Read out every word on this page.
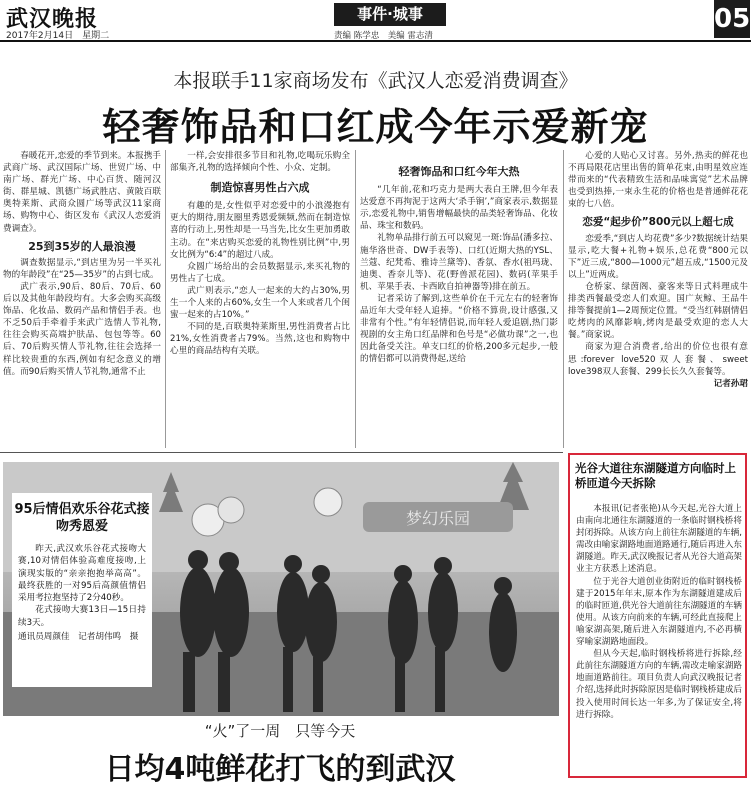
武汉晚报
2017年2月14日　星期二
事件·城事
责编 陈学忠　美编 雷志清
05
本报联手11家商场发布《武汉人恋爱消费调查》
轻奢饰品和口红成今年示爱新宠

春暖花开,恋爱的季节到来。本报携手武商广场、武汉国际广场、世贸广场、中南广场、群光广场、中心百货、随河汉街、群星城、凯德广场武胜店、黄陂百联奥特莱斯、武商众圆广场等武汉11家商场、购物中心、街区发布《武汉人恋爱消费调查》。

25到35岁的人最浪漫

调查数据显示,“到店里为另一半买礼物的年龄段”在“25—35岁”的占到七成。

武广表示,90后、80后、70后、60后以及其他年龄段均有。大多会购买高级饰品、化妆品、数码产品和情侣手表。也不乏50后手牵着手来武广选情人节礼物,往往会购买高端护肤品、包包等等。60后、70后购买情人节礼物,往往会选择一样比较贵重的东西,例如有纪念意义的增值。而90后购买情人节礼物,通常不止

一样,会安排很多节目和礼物,吃喝玩乐购全部集齐,礼物的选择倾向个性、小众、定制。

制造惊喜男性占六成

有趣的是,女性似乎对恋爱中的小浪漫抱有更大的期待,朋友圈里秀恩爱频频,然而在制造惊喜的行动上,男性却是一马当先,比女生更加勇敢主动。在“来店购买恋爱的礼物性别比例”中,男女比例为“6:4”的超过八成。

众圆广场给出的会员数据显示,来买礼物的男性占了七成。

武广则表示,“恋人一起来的大约占30%,男生一个人来的占60%,女生一个人来或者几个闺蜜一起来的占10%。”

不同的是,百联奥特莱斯里,男性消费者占比21%,女性消费者占79%。当然,这也和购物中心里的商品结构有关联。

轻奢饰品和口红今年大热

“几年前,花和巧克力是两大表白王牌,但今年表达爱意不再拘泥于这两大‘杀手锏’,”商家表示,数据显示,恋爱礼物中,销售增幅最快的品类轻奢饰品、化妆品、珠宝和数码。

礼物单品排行前五可以窥见一斑:饰品(潘多拉、施华洛世奇、DW手表等)、口红(近期大热的YSL、兰蔻、纪梵希、雅诗兰黛等)、香氛、香水(祖玛珑、迪奥、香奈儿等)、花(野兽派花园)、数码(苹果手机、苹果手表、卡西欧自拍神器等)排在前五。

记者采访了解到,这些单价在千元左右的轻奢饰品近年大受年轻人追捧。“价格不算贵,设计感强,又非常有个性。”有年轻情侣说,而年轻人爱追剧,热门影视剧的女主角口红品牌和色号是“必做功课”之一,也因此备受关注。单支口红的价格,200多元起步,一般的情侣都可以消费得起,送给

心爱的人贴心又讨喜。另外,热卖的鲜花也不再局限花店里出售的简单花束,由明星效应连带而来的“代表精致生活和品味寓觉”艺术品牌也受到热捧,一束永生花的价格也是普通鲜花花束的七八倍。

恋爱“起步价”800元以上超七成

恋爱季,“到店人均花费”多少?数据统计结果显示,吃大餐+礼物+娱乐,总花费“800元以下”近三成,“800—1000元”超五成,“1500元及以上”近两成。

仓桥家、绿茵阁、豪客来等日式料理成牛排类西餐最受恋人们欢迎。国广灰鲸、王品牛排等餐提前1—2周预定位置。“受当红韩剧情侣吃烤肉的风靡影响,烤肉是最受欢迎的恋人大餐。”商家说。

商家为迎合消费者,给出的价位也很有意思:forever love520双人套餐、sweet love398双人套餐、299长长久久套餐等。

记者孙珺
梦幻乐园
95后情侣欢乐谷花式接吻秀恩爱

昨天,武汉欢乐谷花式接吻大赛,10对情侣体验高难度接吻,上演现实版的“亲亲抱抱举高高”。最终获胜的一对95后高颜值情侣采用考拉抱坚持了2分40秒。

花式接吻大赛13日—15日持续3天。

通讯员周颜佳　记者胡伟鸣　摄
光谷大道往东湖隧道方向临时上桥匝道今天拆除

本报讯(记者张艳)从今天起,光谷大道上由南向北通往东湖隧道的一条临时钢栈桥将封闭拆除。从该方向上前往东湖隧道的车辆,需改由喻家湖路地面道路通行,随后再进入东湖隧道。昨天,武汉晚报记者从光谷大道高架业主方获悉上述消息。

位于光谷大道创业街附近的临时钢栈桥建于2015年年末,原本作为东湖隧道建成后的临时匝道,供光谷大道前往东湖隧道的车辆使用。从该方向前来的车辆,可经此直接爬上喻家湖高架,随后进入东湖隧道内,不必再横穿喻家湖路地面段。

但从今天起,临时钢栈桥将进行拆除,经此前往东湖隧道方向的车辆,需改走喻家湖路地面道路前往。项目负责人向武汉晚报记者介绍,选择此时拆除原因是临时钢栈桥建成后投入使用时间长达一年多,为了保证安全,将进行拆除。

“火”了一周　只等今天
日均4吨鲜花打飞的到武汉
